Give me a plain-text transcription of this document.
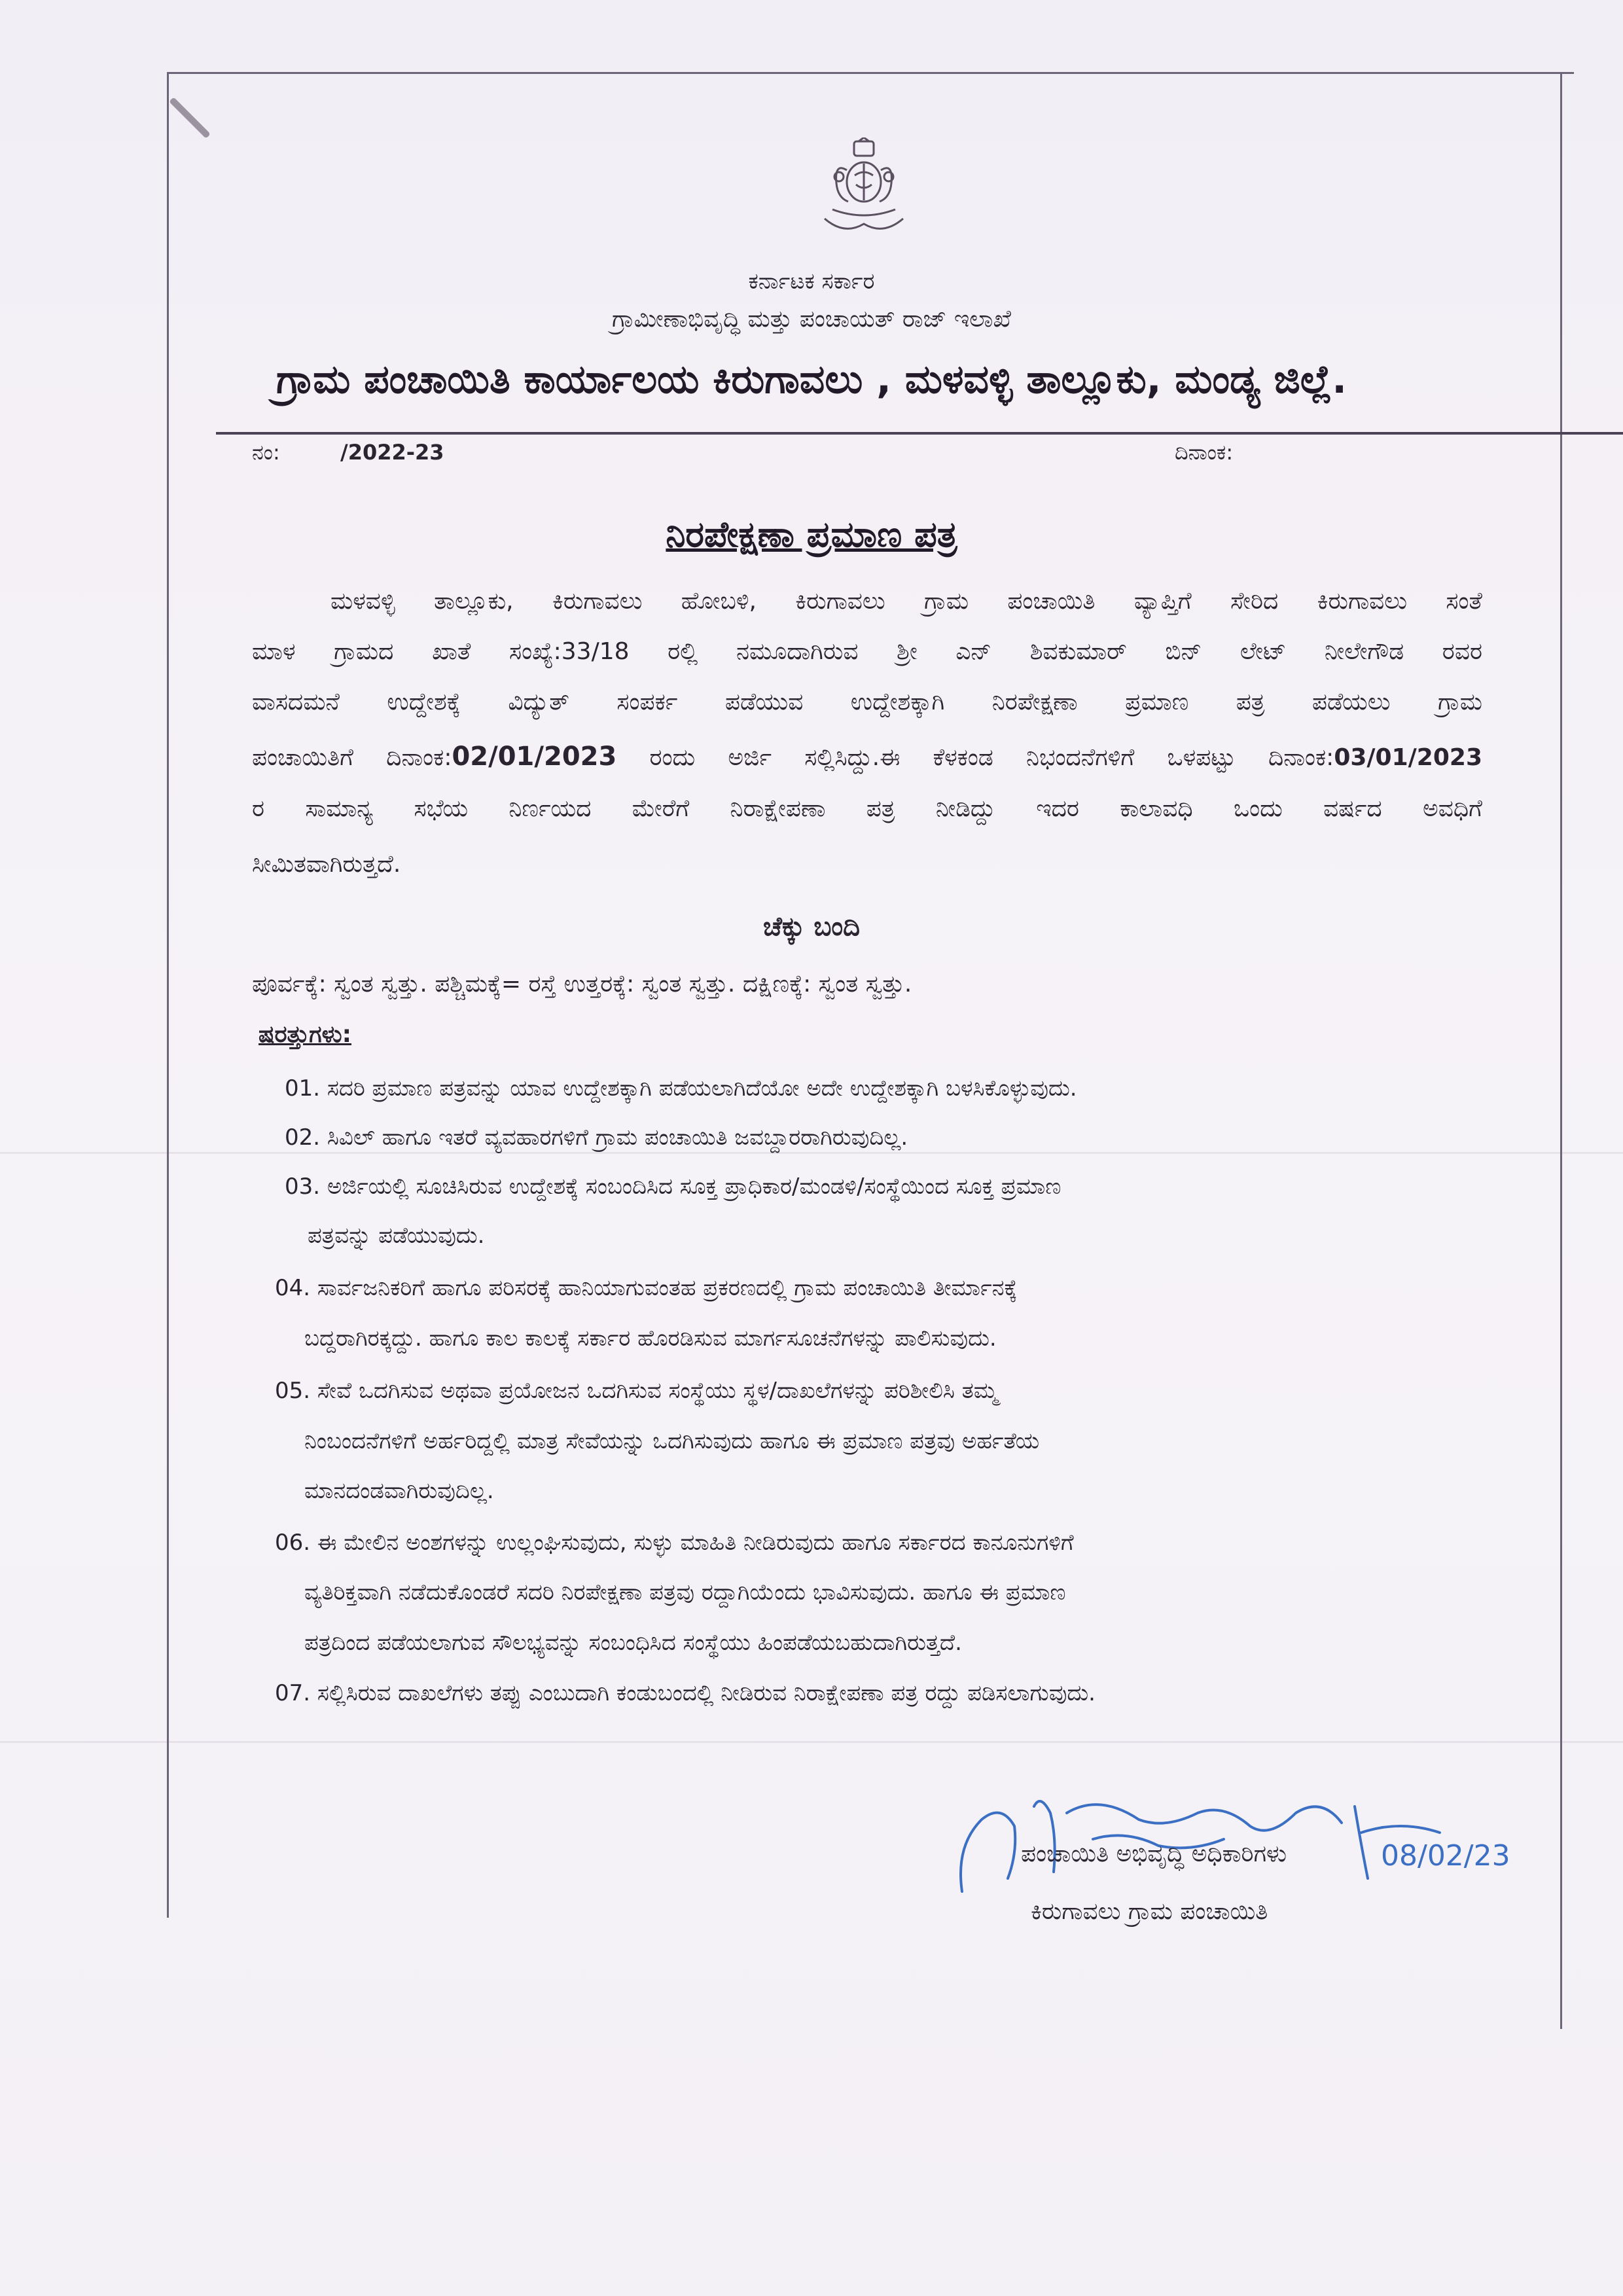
ಕರ್ನಾಟಕ ಸರ್ಕಾರ
ಗ್ರಾಮೀಣಾಭಿವೃದ್ಧಿ ಮತ್ತು ಪಂಚಾಯತ್ ರಾಜ್ ಇಲಾಖೆ
ಗ್ರಾಮ ಪಂಚಾಯಿತಿ ಕಾರ್ಯಾಲಯ ಕಿರುಗಾವಲು , ಮಳವಳ್ಳಿ ತಾಲ್ಲೂಕು, ಮಂಡ್ಯ ಜಿಲ್ಲೆ.
ನಂ:	/2022-23	ದಿನಾಂಕ:
ನಿರಪೇಕ್ಷಣಾ ಪ್ರಮಾಣ ಪತ್ರ
ಮಳವಳ್ಳಿ ತಾಲ್ಲೂಕು, ಕಿರುಗಾವಲು ಹೋಬಳಿ, ಕಿರುಗಾವಲು ಗ್ರಾಮ ಪಂಚಾಯಿತಿ ವ್ಯಾಪ್ತಿಗೆ ಸೇರಿದ ಕಿರುಗಾವಲು ಸಂತೆ
ಮಾಳ ಗ್ರಾಮದ ಖಾತೆ ಸಂಖ್ಯೆ:33/18 ರಲ್ಲಿ ನಮೂದಾಗಿರುವ ಶ್ರೀ ಎನ್ ಶಿವಕುಮಾರ್ ಬಿನ್ ಲೇಟ್ ನೀಲೇಗೌಡ ರವರ
ವಾಸದಮನೆ ಉದ್ದೇಶಕ್ಕೆ ವಿದ್ಯುತ್ ಸಂಪರ್ಕ ಪಡೆಯುವ ಉದ್ದೇಶಕ್ಕಾಗಿ ನಿರಪೇಕ್ಷಣಾ ಪ್ರಮಾಣ ಪತ್ರ ಪಡೆಯಲು ಗ್ರಾಮ
ಪಂಚಾಯಿತಿಗೆ ದಿನಾಂಕ:02/01/2023 ರಂದು ಅರ್ಜಿ ಸಲ್ಲಿಸಿದ್ದು.ಈ ಕೆಳಕಂಡ ನಿಭಂದನೆಗಳಿಗೆ ಒಳಪಟ್ಟು ದಿನಾಂಕ:03/01/2023
ರ ಸಾಮಾನ್ಯ ಸಭೆಯ ನಿರ್ಣಯದ ಮೇರೆಗೆ ನಿರಾಕ್ಷೇಪಣಾ ಪತ್ರ ನೀಡಿದ್ದು ಇದರ ಕಾಲಾವಧಿ ಒಂದು ವರ್ಷದ ಅವಧಿಗೆ
ಸೀಮಿತವಾಗಿರುತ್ತದೆ.
ಚೆಕ್ಕು ಬಂದಿ
ಪೂರ್ವಕ್ಕೆ: ಸ್ವಂತ ಸ್ವತ್ತು. ಪಶ್ಚಿಮಕ್ಕೆ= ರಸ್ತೆ ಉತ್ತರಕ್ಕೆ: ಸ್ವಂತ ಸ್ವತ್ತು. ದಕ್ಷಿಣಕ್ಕೆ: ಸ್ವಂತ ಸ್ವತ್ತು.
ಷರತ್ತುಗಳು:
01. ಸದರಿ ಪ್ರಮಾಣ ಪತ್ರವನ್ನು ಯಾವ ಉದ್ದೇಶಕ್ಕಾಗಿ ಪಡೆಯಲಾಗಿದೆಯೋ ಅದೇ ಉದ್ದೇಶಕ್ಕಾಗಿ ಬಳಸಿಕೊಳ್ಳುವುದು.
02. ಸಿವಿಲ್ ಹಾಗೂ ಇತರೆ ವ್ಯವಹಾರಗಳಿಗೆ ಗ್ರಾಮ ಪಂಚಾಯಿತಿ ಜವಬ್ದಾರರಾಗಿರುವುದಿಲ್ಲ.
03. ಅರ್ಜಿಯಲ್ಲಿ ಸೂಚಿಸಿರುವ ಉದ್ದೇಶಕ್ಕೆ ಸಂಬಂದಿಸಿದ ಸೂಕ್ತ ಪ್ರಾಧಿಕಾರ/ಮಂಡಳಿ/ಸಂಸ್ಥೆಯಿಂದ ಸೂಕ್ತ ಪ್ರಮಾಣ
ಪತ್ರವನ್ನು ಪಡೆಯುವುದು.
04. ಸಾರ್ವಜನಿಕರಿಗೆ ಹಾಗೂ ಪರಿಸರಕ್ಕೆ ಹಾನಿಯಾಗುವಂತಹ ಪ್ರಕರಣದಲ್ಲಿ ಗ್ರಾಮ ಪಂಚಾಯಿತಿ ತೀರ್ಮಾನಕ್ಕೆ
ಬದ್ದರಾಗಿರಕ್ಕದ್ದು. ಹಾಗೂ ಕಾಲ ಕಾಲಕ್ಕೆ ಸರ್ಕಾರ ಹೊರಡಿಸುವ ಮಾರ್ಗಸೂಚನೆಗಳನ್ನು ಪಾಲಿಸುವುದು.
05. ಸೇವೆ ಒದಗಿಸುವ ಅಥವಾ ಪ್ರಯೋಜನ ಒದಗಿಸುವ ಸಂಸ್ಥೆಯು ಸ್ಥಳ/ದಾಖಲೆಗಳನ್ನು ಪರಿಶೀಲಿಸಿ ತಮ್ಮ
ನಿಂಬಂದನೆಗಳಿಗೆ ಅರ್ಹರಿದ್ದಲ್ಲಿ ಮಾತ್ರ ಸೇವೆಯನ್ನು ಒದಗಿಸುವುದು ಹಾಗೂ ಈ ಪ್ರಮಾಣ ಪತ್ರವು ಅರ್ಹತೆಯ
ಮಾನದಂಡವಾಗಿರುವುದಿಲ್ಲ.
06. ಈ ಮೇಲಿನ ಅಂಶಗಳನ್ನು ಉಲ್ಲಂಘಿಸುವುದು, ಸುಳ್ಳು ಮಾಹಿತಿ ನೀಡಿರುವುದು ಹಾಗೂ ಸರ್ಕಾರದ ಕಾನೂನುಗಳಿಗೆ
ವ್ಯತಿರಿಕ್ತವಾಗಿ ನಡೆದುಕೊಂಡರೆ ಸದರಿ ನಿರಪೇಕ್ಷಣಾ ಪತ್ರವು ರದ್ದಾಗಿಯೆಂದು ಭಾವಿಸುವುದು. ಹಾಗೂ ಈ ಪ್ರಮಾಣ
ಪತ್ರದಿಂದ ಪಡೆಯಲಾಗುವ ಸೌಲಭ್ಯವನ್ನು ಸಂಬಂಧಿಸಿದ ಸಂಸ್ಥೆಯು ಹಿಂಪಡೆಯಬಹುದಾಗಿರುತ್ತದೆ.
07. ಸಲ್ಲಿಸಿರುವ ದಾಖಲೆಗಳು ತಪ್ಪು ಎಂಬುದಾಗಿ ಕಂಡುಬಂದಲ್ಲಿ ನೀಡಿರುವ ನಿರಾಕ್ಷೇಪಣಾ ಪತ್ರ ರದ್ದು ಪಡಿಸಲಾಗುವುದು.
08/02/23
ಪಂಚಾಯಿತಿ ಅಭಿವೃದ್ಧಿ ಅಧಿಕಾರಿಗಳು
ಕಿರುಗಾವಲು ಗ್ರಾಮ ಪಂಚಾಯಿತಿ
